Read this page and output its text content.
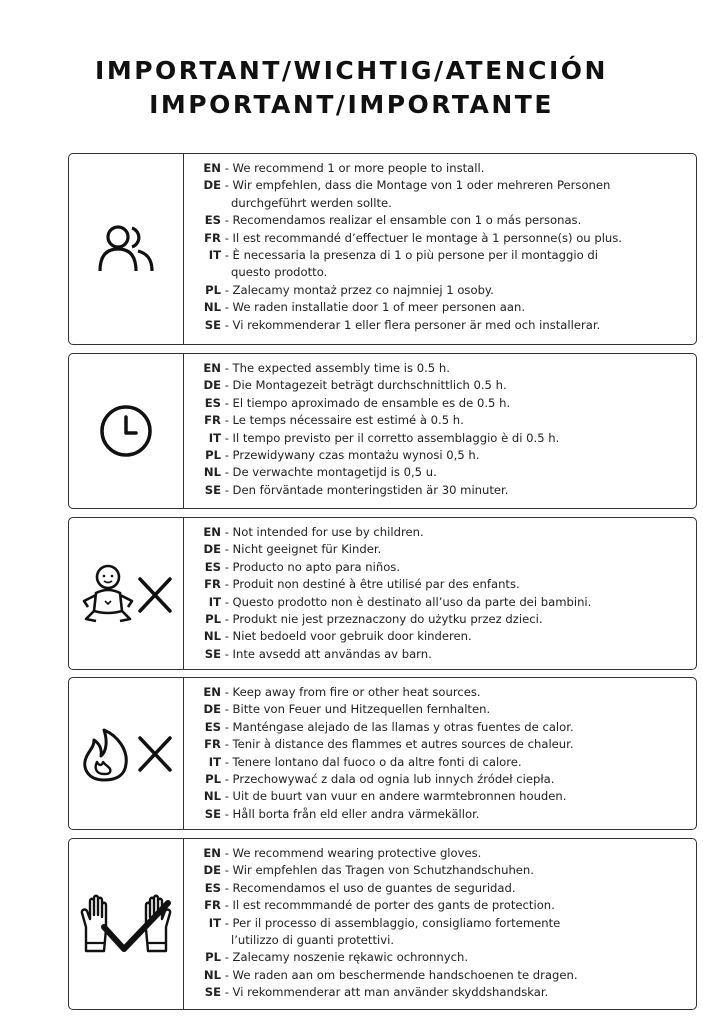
IMPORTANT/WICHTIG/ATENCIÓN
IMPORTANT/IMPORTANTE
EN - We recommend 1 or more people to install.
DE - Wir empfehlen, dass die Montage von 1 oder mehreren Personen
durchgeführt werden sollte.
ES - Recomendamos realizar el ensamble con 1 o más personas.
FR - Il est recommandé d’effectuer le montage à 1 personne(s) ou plus.
IT - È necessaria la presenza di 1 o più persone per il montaggio di
questo prodotto.
PL - Zalecamy montaż przez co najmniej 1 osoby.
NL - We raden installatie door 1 of meer personen aan.
SE - Vi rekommenderar 1 eller flera personer är med och installerar.
EN - The expected assembly time is 0.5 h.
DE - Die Montagezeit beträgt durchschnittlich 0.5 h.
ES - El tiempo aproximado de ensamble es de 0.5 h.
FR - Le temps nécessaire est estimé à 0.5 h.
IT - Il tempo previsto per il corretto assemblaggio è di 0.5 h.
PL - Przewidywany czas montażu wynosi 0,5 h.
NL - De verwachte montagetijd is 0,5 u.
SE - Den förväntade monteringstiden är 30 minuter.
EN - Not intended for use by children.
DE - Nicht geeignet für Kinder.
ES - Producto no apto para niños.
FR - Produit non destiné à être utilisé par des enfants.
IT - Questo prodotto non è destinato all’uso da parte dei bambini.
PL - Produkt nie jest przeznaczony do użytku przez dzieci.
NL - Niet bedoeld voor gebruik door kinderen.
SE - Inte avsedd att användas av barn.
EN - Keep away from fire or other heat sources.
DE - Bitte von Feuer und Hitzequellen fernhalten.
ES - Manténgase alejado de las llamas y otras fuentes de calor.
FR - Tenir à distance des flammes et autres sources de chaleur.
IT - Tenere lontano dal fuoco o da altre fonti di calore.
PL - Przechowywać z dala od ognia lub innych źródeł ciepła.
NL - Uit de buurt van vuur en andere warmtebronnen houden.
SE - Håll borta från eld eller andra värmekällor.
EN - We recommend wearing protective gloves.
DE - Wir empfehlen das Tragen von Schutzhandschuhen.
ES - Recomendamos el uso de guantes de seguridad.
FR - Il est recommmandé de porter des gants de protection.
IT - Per il processo di assemblaggio, consigliamo fortemente
l’utilizzo di guanti protettivi.
PL - Zalecamy noszenie rękawic ochronnych.
NL - We raden aan om beschermende handschoenen te dragen.
SE - Vi rekommenderar att man använder skyddshandskar.
